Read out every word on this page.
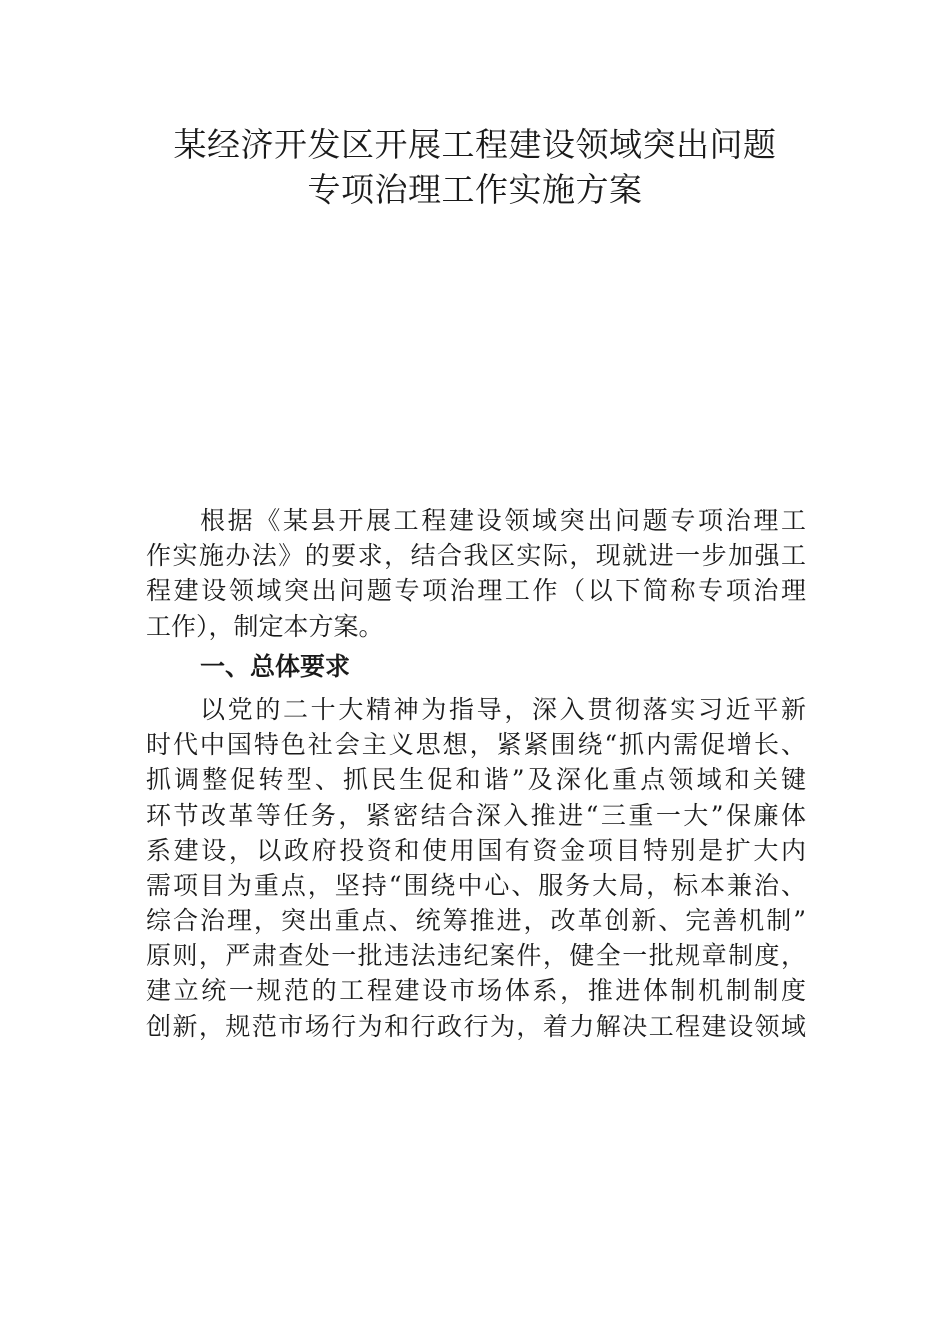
某经济开发区开展工程建设领域突出问题
专项治理工作实施方案
根据《某县开展工程建设领域突出问题专项治理工
作实施办法》的要求，结合我区实际，现就进一步加强工
程建设领域突出问题专项治理工作（以下简称专项治理
工作），制定本方案。
一、总体要求
以党的二十大精神为指导，深入贯彻落实习近平新
时代中国特色社会主义思想，紧紧围绕“抓内需促增长、
抓调整促转型、抓民生促和谐”及深化重点领域和关键
环节改革等任务，紧密结合深入推进“三重一大”保廉体
系建设，以政府投资和使用国有资金项目特别是扩大内
需项目为重点，坚持“围绕中心、服务大局，标本兼治、
综合治理，突出重点、统筹推进，改革创新、完善机制”
原则，严肃查处一批违法违纪案件，健全一批规章制度，
建立统一规范的工程建设市场体系，推进体制机制制度
创新，规范市场行为和行政行为，着力解决工程建设领域
